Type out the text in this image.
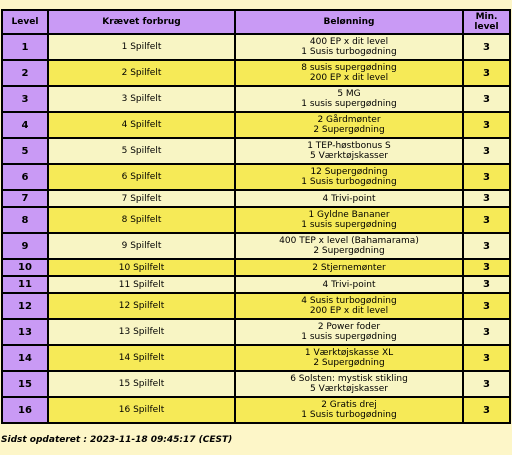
Level	Krævet forbrug	Belønning	Min.
level

1	1 Spilfelt	400 EP x dit level
1 Susis turbogødning	3
2	2 Spilfelt	8 susis supergødning
200 EP x dit level	3
3	3 Spilfelt	5 MG
1 susis supergødning	3
4	4 Spilfelt	2 Gårdmønter
2 Supergødning	3
5	5 Spilfelt	1 TEP-høstbonus S
5 Værktøjskasser	3
6	6 Spilfelt	12 Supergødning
1 Susis turbogødning	3
7	7 Spilfelt	4 Trivi-point	3
8	8 Spilfelt	1 Gyldne Bananer
1 susis supergødning	3
9	9 Spilfelt	400 TEP x level (Bahamarama)
2 Supergødning	3
10	10 Spilfelt	2 Stjernemønter	3
11	11 Spilfelt	4 Trivi-point	3
12	12 Spilfelt	4 Susis turbogødning
200 EP x dit level	3
13	13 Spilfelt	2 Power foder
1 susis supergødning	3
14	14 Spilfelt	1 Værktøjskasse XL
2 Supergødning	3
15	15 Spilfelt	6 Solsten: mystisk stikling
5 Værktøjskasser	3
16	16 Spilfelt	2 Gratis drej
1 Susis turbogødning	3
Sidst opdateret : 2023-11-18 09:45:17 (CEST)
